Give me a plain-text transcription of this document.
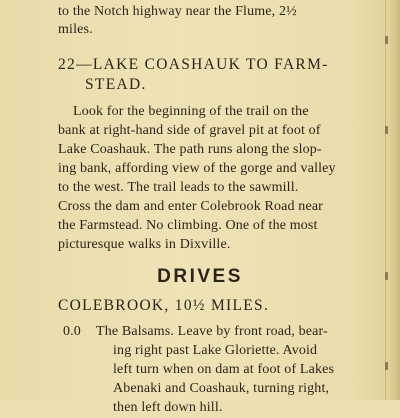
to the Notch highway near the Flume, 2½
miles.
22—LAKE COASHAUK TO FARM-
STEAD.
Look for the beginning of the trail on the
bank at right-hand side of gravel pit at foot of
Lake Coashauk. The path runs along the slop-
ing bank, affording view of the gorge and valley
to the west. The trail leads to the sawmill.
Cross the dam and enter Colebrook Road near
the Farmstead. No climbing. One of the most
picturesque walks in Dixville.
DRIVES
COLEBROOK, 10½ MILES.
0.0 The Balsams. Leave by front road, bear-
ing right past Lake Gloriette. Avoid
left turn when on dam at foot of Lakes
Abenaki and Coashauk, turning right,
then left down hill.
